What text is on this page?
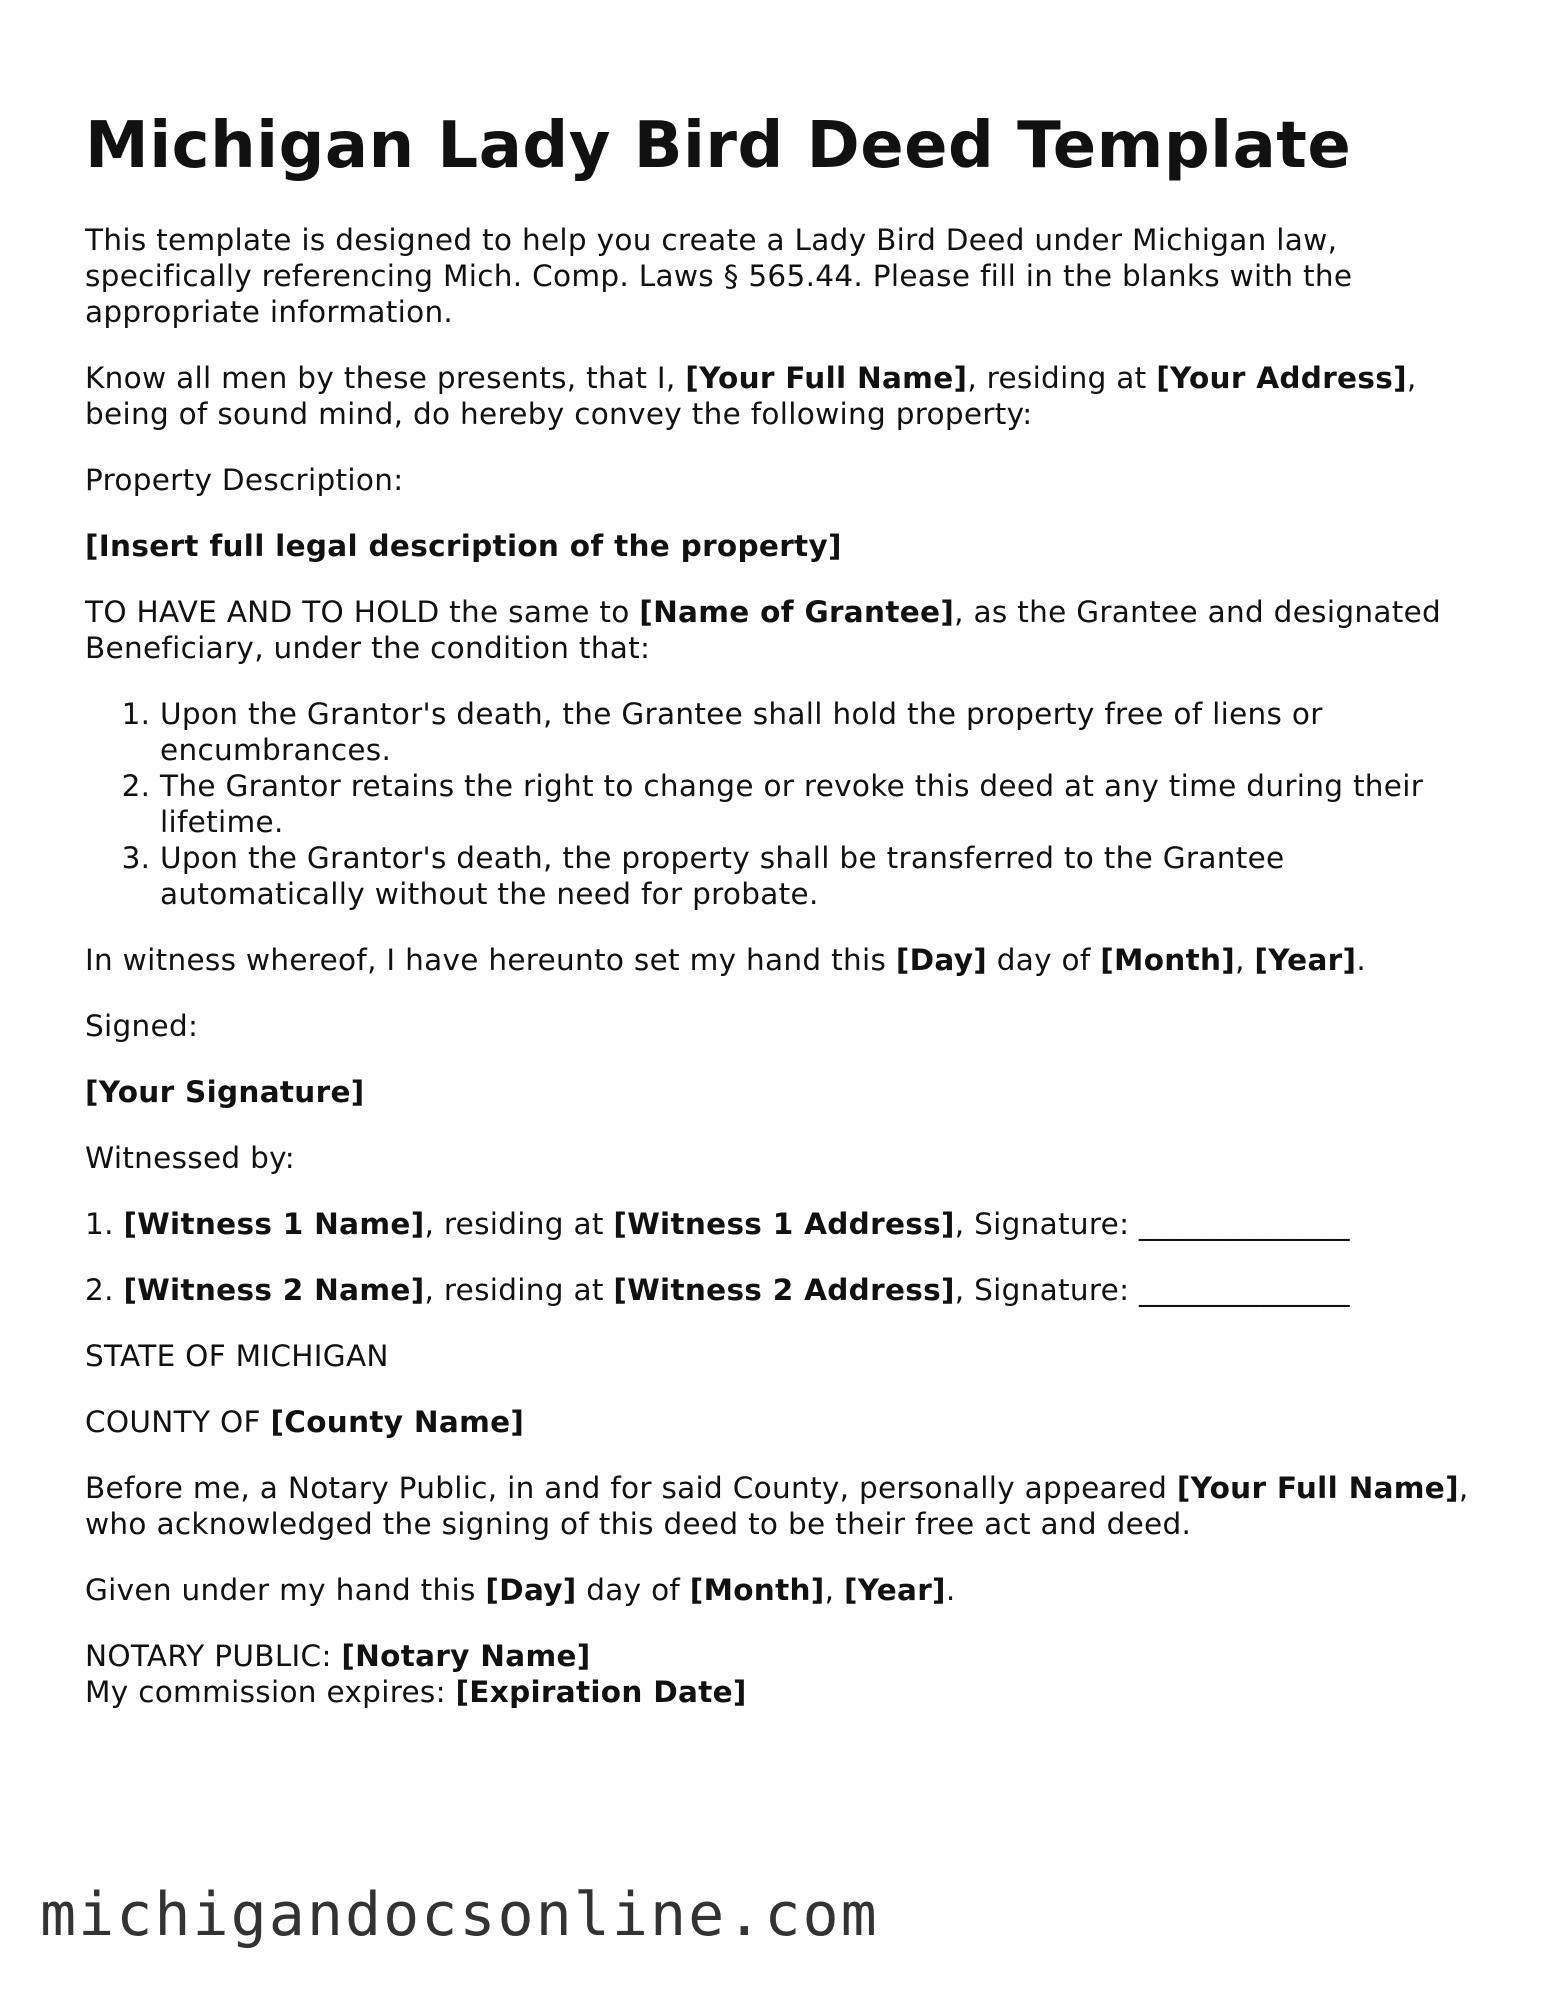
Michigan Lady Bird Deed Template

This template is designed to help you create a Lady Bird Deed under Michigan law, specifically referencing Mich. Comp. Laws § 565.44. Please fill in the blanks with the appropriate information.

Know all men by these presents, that I, [Your Full Name], residing at [Your Address], being of sound mind, do hereby convey the following property:

Property Description:

[Insert full legal description of the property]

TO HAVE AND TO HOLD the same to [Name of Grantee], as the Grantee and designated Beneficiary, under the condition that:

1. Upon the Grantor's death, the Grantee shall hold the property free of liens or encumbrances.
2. The Grantor retains the right to change or revoke this deed at any time during their lifetime.
3. Upon the Grantor's death, the property shall be transferred to the Grantee automatically without the need for probate.

In witness whereof, I have hereunto set my hand this [Day] day of [Month], [Year].

Signed:

[Your Signature]

Witnessed by:

1. [Witness 1 Name], residing at [Witness 1 Address], Signature: ______________

2. [Witness 2 Name], residing at [Witness 2 Address], Signature: ______________

STATE OF MICHIGAN

COUNTY OF [County Name]

Before me, a Notary Public, in and for said County, personally appeared [Your Full Name], who acknowledged the signing of this deed to be their free act and deed.

Given under my hand this [Day] day of [Month], [Year].

NOTARY PUBLIC: [Notary Name]
My commission expires: [Expiration Date]

michigandocsonline.com
